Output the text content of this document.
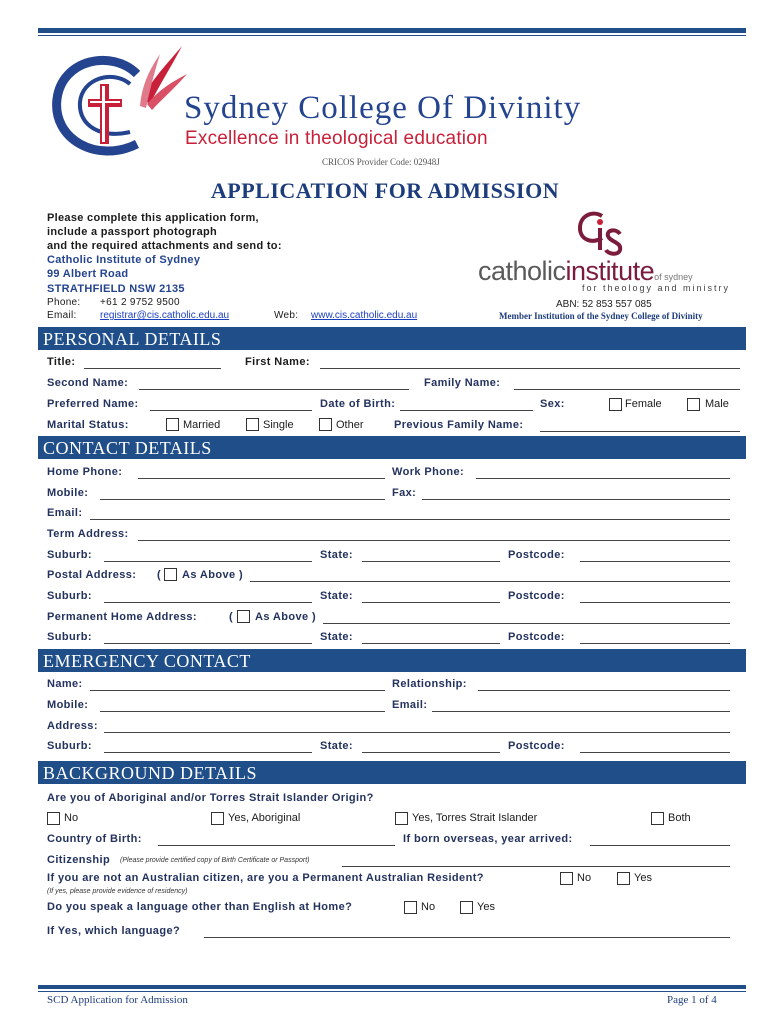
Sydney College Of Divinity
Excellence in theological education
CRICOS Provider Code: 02948J
APPLICATION FOR ADMISSION
Please complete this application form,
include a passport photograph
and the required attachments and send to:
Catholic Institute of Sydney
99 Albert Road
STRATHFIELD NSW 2135
Phone: +61 2 9752 9500
Email: registrar@cis.catholic.edu.au	Web: www.cis.catholic.edu.au
catholicinstituteof sydney
for theology and ministry
ABN: 52 853 557 085
Member Institution of the Sydney College of Divinity
PERSONAL DETAILS
Title:	First Name:
Second Name:	Family Name:
Preferred Name:	Date of Birth:	Sex:	Female	Male
Marital Status:	Married	Single	Other	Previous Family Name:
CONTACT DETAILS
Home Phone:	Work Phone:
Mobile:	Fax:
Email:
Term Address:
Suburb:	State:	Postcode:
Postal Address: ( As Above )
Suburb:	State:	Postcode:
Permanent Home Address:	( As Above )
Suburb:	State:	Postcode:
EMERGENCY CONTACT
Name:	Relationship:
Mobile:	Email:
Address:
Suburb:	State:	Postcode:
BACKGROUND DETAILS
Are you of Aboriginal and/or Torres Strait Islander Origin?
No	Yes, Aboriginal	Yes, Torres Strait Islander	Both
Country of Birth:	If born overseas, year arrived:
Citizenship (Please provide certified copy of Birth Certificate or Passport)
If you are not an Australian citizen, are you a Permanent Australian Resident?	No	Yes
(If yes, please provide evidence of residency)
Do you speak a language other than English at Home?	No	Yes
If Yes, which language?
SCD Application for Admission	Page 1 of 4
